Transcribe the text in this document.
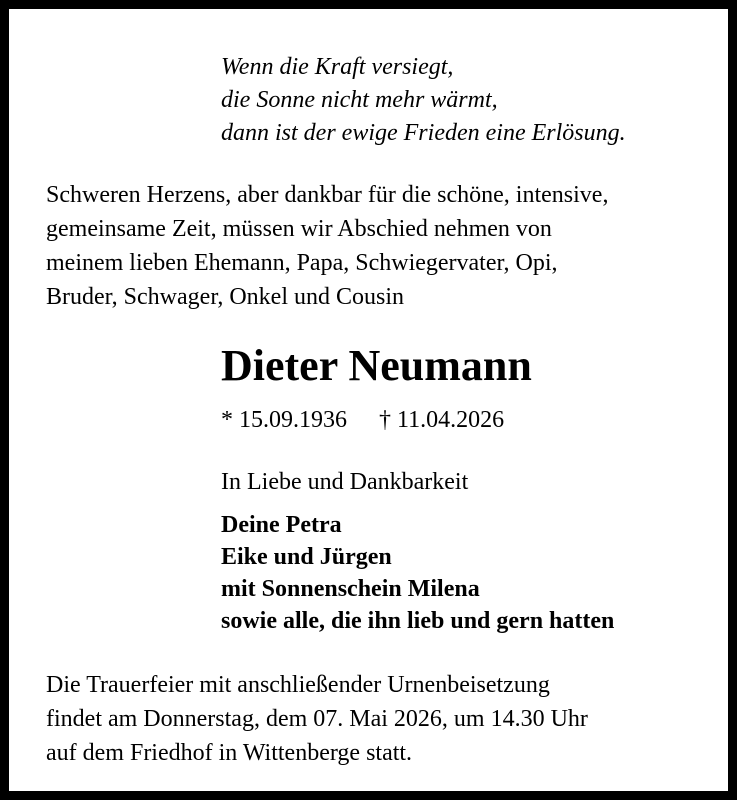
Wenn die Kraft versiegt,
die Sonne nicht mehr wärmt,
dann ist der ewige Frieden eine Erlösung.

Schweren Herzens, aber dankbar für die schöne, intensive,
gemeinsame Zeit, müssen wir Abschied nehmen von
meinem lieben Ehemann, Papa, Schwiegervater, Opi,
Bruder, Schwager, Onkel und Cousin

Dieter Neumann
* 15.09.1936 † 11.04.2026
In Liebe und Dankbarkeit

Deine Petra
Eike und Jürgen
mit Sonnenschein Milena
sowie alle, die ihn lieb und gern hatten

Die Trauerfeier mit anschließender Urnenbeisetzung
findet am Donnerstag, dem 07. Mai 2026, um 14.30 Uhr
auf dem Friedhof in Wittenberge statt.
